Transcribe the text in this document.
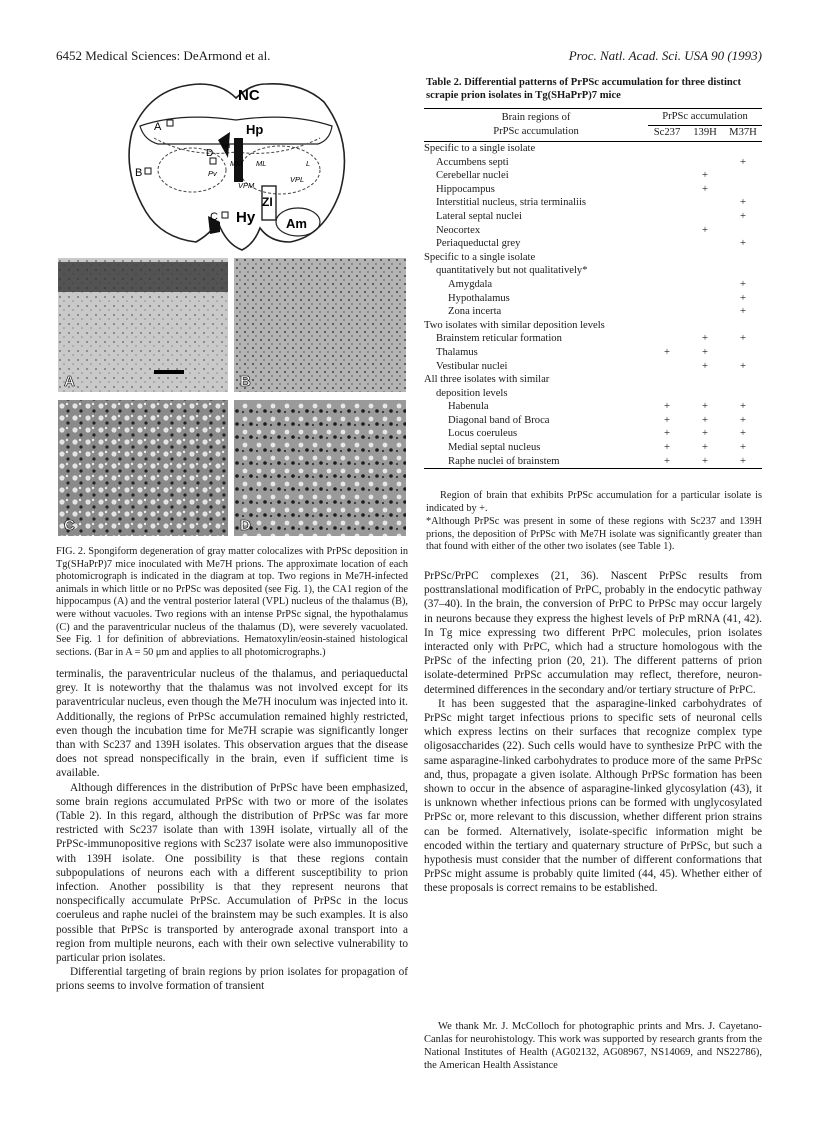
6452 Medical Sciences: DeArmond et al.	Proc. Natl. Acad. Sci. USA 90 (1993)
NC
Hp
Hy Am
A
B
C
D
ZI
MM ML
Pv
VPM
VPL
L
Hb
A	B
C	D
FIG. 2. Spongiform degeneration of gray matter colocalizes with PrPSc deposition in Tg(SHaPrP)7 mice inoculated with Me7H prions. The approximate location of each photomicrograph is indicated in the diagram at top. Two regions in Me7H-infected animals in which little or no PrPSc was deposited (see Fig. 1), the CA1 region of the hippocampus (A) and the ventral posterior lateral (VPL) nucleus of the thalamus (B), were without vacuoles. Two regions with an intense PrPSc signal, the hypothalamus (C) and the paraventricular nucleus of the thalamus (D), were severely vacuolated. See Fig. 1 for definition of abbreviations. Hematoxylin/eosin-stained histological sections. (Bar in A = 50 μm and applies to all photomicrographs.)

terminalis, the paraventricular nucleus of the thalamus, and periaqueductal grey. It is noteworthy that the thalamus was not involved except for its paraventricular nucleus, even though the Me7H inoculum was injected into it. Additionally, the regions of PrPSc accumulation remained highly restricted, even though the incubation time for Me7H scrapie was significantly longer than with Sc237 and 139H isolates. This observation argues that the disease does not spread nonspecifically in the brain, even if sufficient time is available.

Although differences in the distribution of PrPSc have been emphasized, some brain regions accumulated PrPSc with two or more of the isolates (Table 2). In this regard, although the distribution of PrPSc was far more restricted with Sc237 isolate than with 139H isolate, virtually all of the PrPSc-immunopositive regions with Sc237 isolate were also immunopositive with 139H isolate. One possibility is that these regions contain subpopulations of neurons each with a different susceptibility to prion infection. Another possibility is that they represent neurons that nonspecifically accumulate PrPSc. Accumulation of PrPSc in the locus coeruleus and raphe nuclei of the brainstem may be such examples. It is also possible that PrPSc is transported by anterograde axonal transport into a region from multiple neurons, each with their own selective vulnerability to particular prion isolates.

Differential targeting of brain regions by prion isolates for propagation of prions seems to involve formation of transient

Table 2. Differential patterns of PrPSc accumulation for three distinct scrapie prion isolates in Tg(SHaPrP)7 mice
Brain regions of
PrPSc accumulation	PrPSc accumulation		
	Sc237	139H	M37H
Specific to a single isolate			
Accumbens septi			+
Cerebellar nuclei		+	
Hippocampus		+	
Interstitial nucleus, stria terminaliis			+
Lateral septal nuclei			+
Neocortex		+	
Periaqueductal grey			+
Specific to a single isolate			
quantitatively but not qualitatively*			
Amygdala			+
Hypothalamus			+
Zona incerta			+
Two isolates with similar deposition levels			
Brainstem reticular formation		+	+
Thalamus	+	+	
Vestibular nuclei		+	+
All three isolates with similar			
deposition levels			
Habenula	+	+	+
Diagonal band of Broca	+	+	+
Locus coeruleus	+	+	+
Medial septal nucleus	+	+	+
Raphe nuclei of brainstem	+	+	+
Region of brain that exhibits PrPSc accumulation for a particular isolate is indicated by +.
*Although PrPSc was present in some of these regions with Sc237 and 139H prions, the deposition of PrPSc with Me7H isolate was significantly greater than that found with either of the other two isolates (see Table 1).

PrPSc/PrPC complexes (21, 36). Nascent PrPSc results from posttranslational modification of PrPC, probably in the endocytic pathway (37–40). In the brain, the conversion of PrPC to PrPSc may occur largely in neurons because they express the highest levels of PrP mRNA (41, 42). In Tg mice expressing two different PrPC molecules, prion isolates interacted only with PrPC, which had a structure homologous with the PrPSc of the infecting prion (20, 21). The different patterns of prion isolate-determined PrPSc accumulation may reflect, therefore, neuron-determined differences in the secondary and/or tertiary structure of PrPC.

It has been suggested that the asparagine-linked carbohydrates of PrPSc might target infectious prions to specific sets of neuronal cells which express lectins on their surfaces that recognize complex type oligosaccharides (22). Such cells would have to synthesize PrPC with the same asparagine-linked carbohydrates to produce more of the same PrPSc and, thus, propagate a given isolate. Although PrPSc formation has been shown to occur in the absence of asparagine-linked glycosylation (43), it is unknown whether infectious prions can be formed with unglycosylated PrPSc or, more relevant to this discussion, whether different prion strains can be formed. Alternatively, isolate-specific information might be encoded within the tertiary and quaternary structure of PrPSc, but such a hypothesis must consider that the number of different conformations that PrPSc might assume is probably quite limited (44, 45). Whether either of these proposals is correct remains to be established.

We thank Mr. J. McColloch for photographic prints and Mrs. J. Cayetano-Canlas for neurohistology. This work was supported by research grants from the National Institutes of Health (AG02132, AG08967, NS14069, and NS22786), the American Health Assistance
